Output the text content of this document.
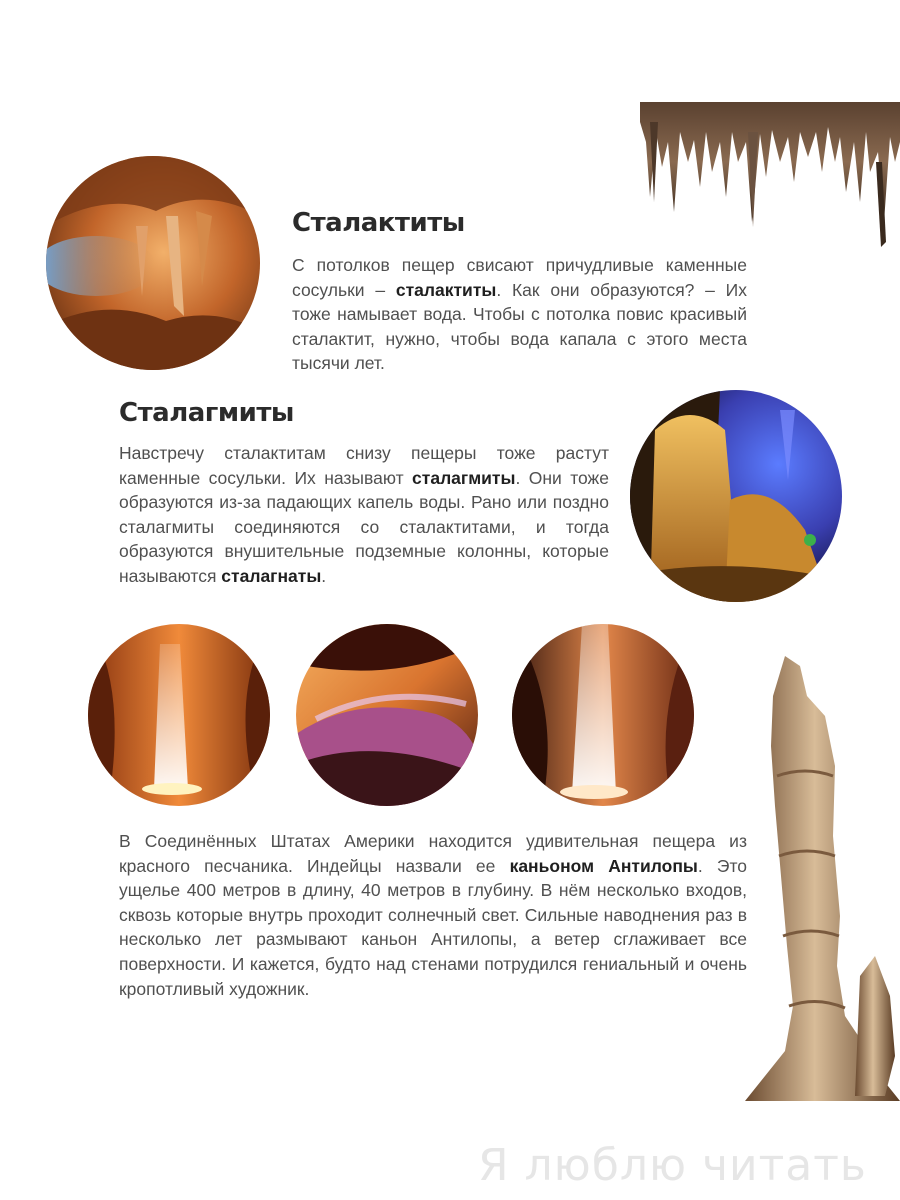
Сталактиты

С потолков пещер свисают причудливые каменные сосульки – сталактиты. Как они образуются? – Их тоже намывает вода. Чтобы с потолка повис красивый сталактит, нужно, чтобы вода капала с этого места тысячи лет.

Сталагмиты

Навстречу сталактитам снизу пещеры тоже растут каменные сосульки. Их называют сталагмиты. Они тоже образуются из-за падающих капель воды. Рано или поздно сталагмиты соединяются со сталактитами, и тогда образуются внушительные подземные колонны, которые называются сталагнаты.

В Соединённых Штатах Америки находится удивительная пещера из красного песчаника. Индейцы назвали ее каньоном Антилопы. Это ущелье 400 метров в длину, 40 метров в глубину. В нём несколько входов, сквозь которые внутрь проходит солнечный свет. Сильные наводнения раз в несколько лет размывают каньон Антилопы, а ветер сглаживает все поверхности. И кажется, будто над стенами потрудился гениальный и очень кропотливый художник.

Я люблю читать
